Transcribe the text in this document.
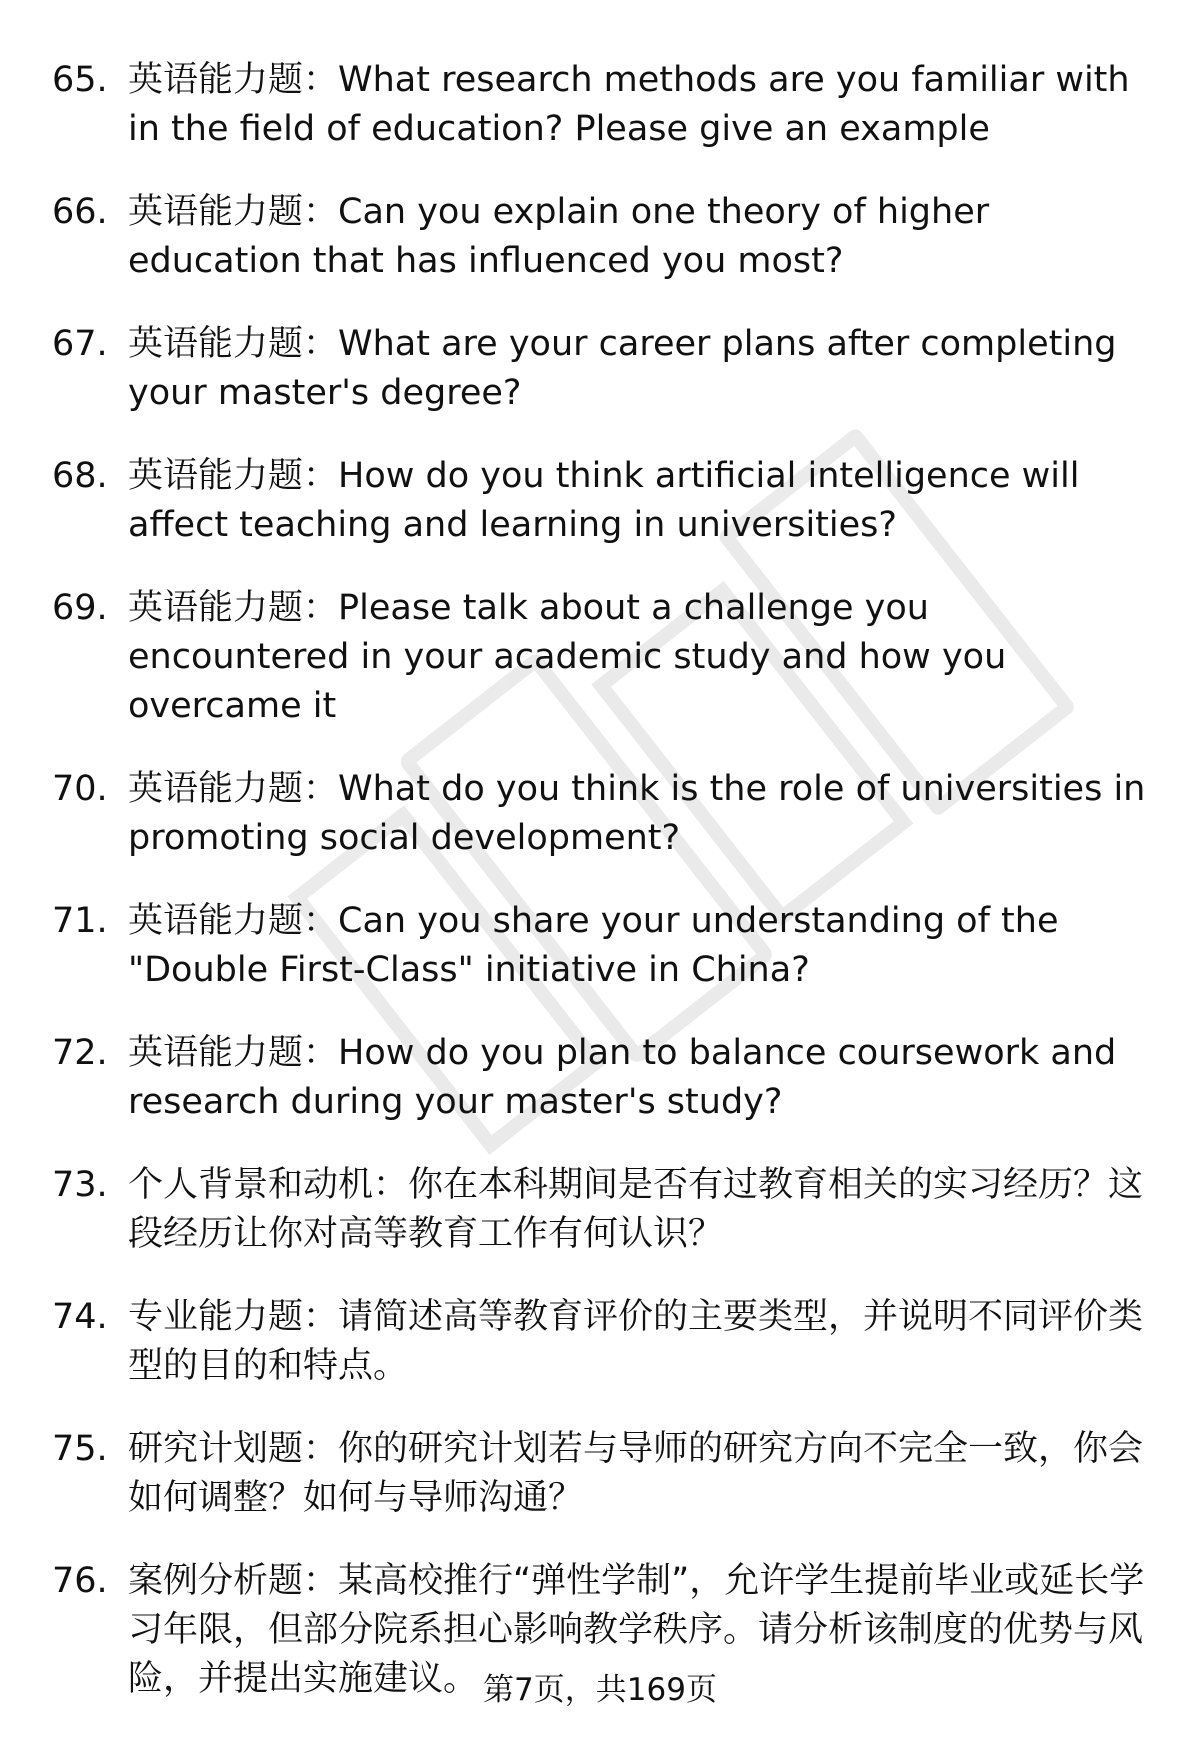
65. 英语能力题：What research methods are you familiar with in the field of education? Please give an example
66. 英语能力题：Can you explain one theory of higher education that has influenced you most?
67. 英语能力题：What are your career plans after completing your master's degree?
68. 英语能力题：How do you think artificial intelligence will affect teaching and learning in universities?
69. 英语能力题：Please talk about a challenge you encountered in your academic study and how you overcame it
70. 英语能力题：What do you think is the role of universities in promoting social development?
71. 英语能力题：Can you share your understanding of the "Double First-Class" initiative in China?
72. 英语能力题：How do you plan to balance coursework and research during your master's study?
73. 个人背景和动机：你在本科期间是否有过教育相关的实习经历？这段经历让你对高等教育工作有何认识？
74. 专业能力题：请简述高等教育评价的主要类型，并说明不同评价类型的目的和特点。
75. 研究计划题：你的研究计划若与导师的研究方向不完全一致，你会如何调整？如何与导师沟通？
76. 案例分析题：某高校推行“弹性学制”，允许学生提前毕业或延长学习年限，但部分院系担心影响教学秩序。请分析该制度的优势与风险，并提出实施建议。 第7页，共169页
